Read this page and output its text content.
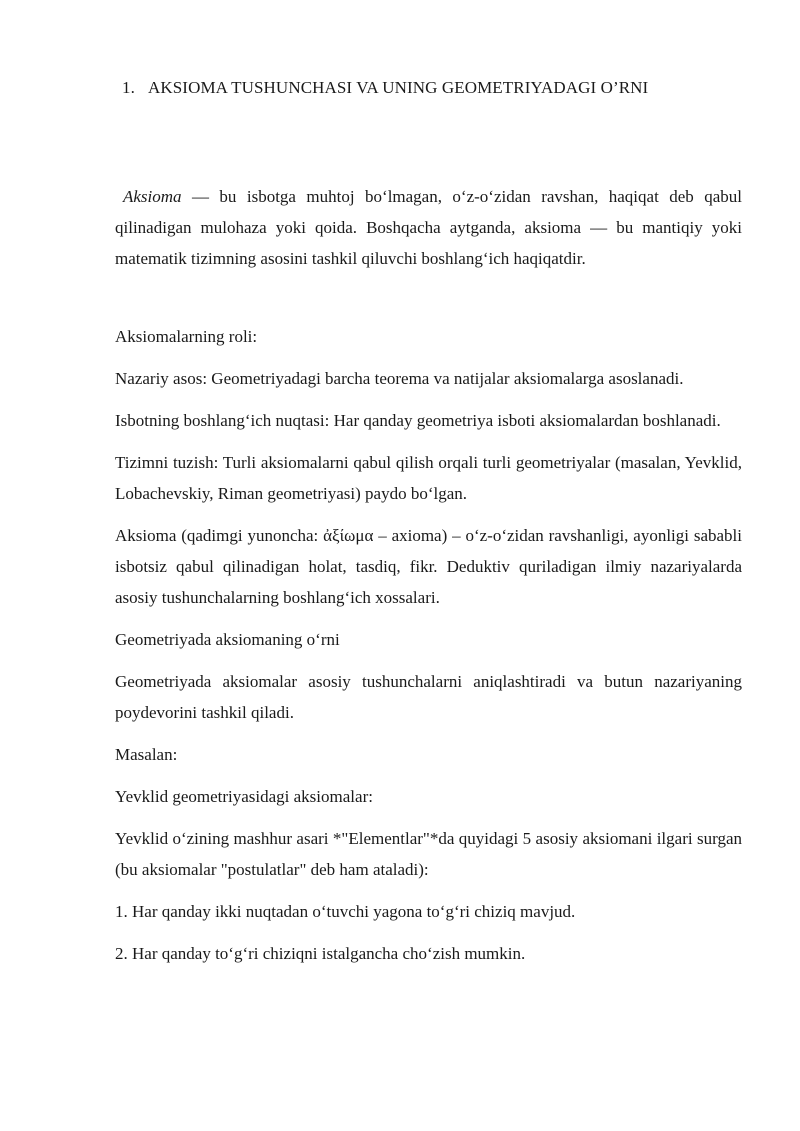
1. AKSIOMA TUSHUNCHASI VA UNING GEOMETRIYADAGI O’RNI

Aksioma — bu isbotga muhtoj boʻlmagan, oʻz-oʻzidan ravshan, haqiqat deb qabul qilinadigan mulohaza yoki qoida. Boshqacha aytganda, aksioma — bu mantiqiy yoki matematik tizimning asosini tashkil qiluvchi boshlangʻich haqiqatdir.

Aksiomalarning roli:

Nazariy asos: Geometriyadagi barcha teorema va natijalar aksiomalarga asoslanadi.

Isbotning boshlangʻich nuqtasi: Har qanday geometriya isboti aksiomalardan boshlanadi.

Tizimni tuzish: Turli aksiomalarni qabul qilish orqali turli geometriyalar (masalan, Yevklid, Lobachevskiy, Riman geometriyasi) paydo boʻlgan.

Aksioma (qadimgi yunoncha: ἀξίωμα – axioma) – oʻz-oʻzidan ravshanligi, ayonligi sababli isbotsiz qabul qilinadigan holat, tasdiq, fikr. Deduktiv quriladigan ilmiy nazariyalarda asosiy tushunchalarning boshlangʻich xossalari.

Geometriyada aksiomaning oʻrni

Geometriyada aksiomalar asosiy tushunchalarni aniqlashtiradi va butun nazariyaning poydevorini tashkil qiladi.

Masalan:

Yevklid geometriyasidagi aksiomalar:

Yevklid oʻzining mashhur asari *"Elementlar"*da quyidagi 5 asosiy aksiomani ilgari surgan (bu aksiomalar "postulatlar" deb ham ataladi):

1. Har qanday ikki nuqtadan oʻtuvchi yagona toʻgʻri chiziq mavjud.

2. Har qanday toʻgʻri chiziqni istalgancha choʻzish mumkin.
